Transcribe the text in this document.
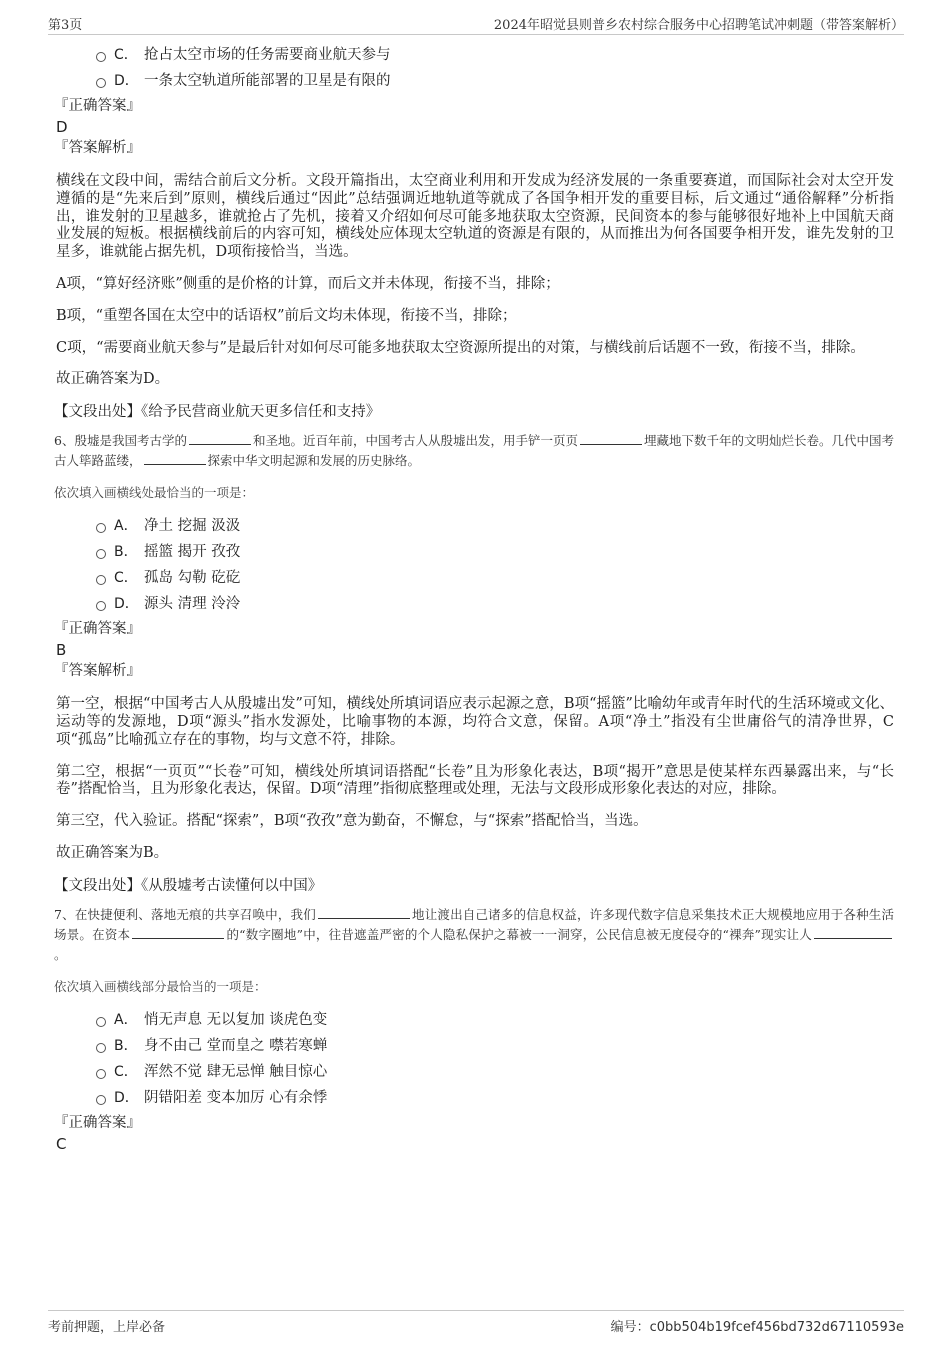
第3页	2024年昭觉县则普乡农村综合服务中心招聘笔试冲刺题（带答案解析）
C． 抢占太空市场的任务需要商业航天参与
D． 一条太空轨道所能部署的卫星是有限的
『正确答案』
D
『答案解析』
横线在文段中间，需结合前后文分析。文段开篇指出，太空商业利用和开发成为经济发展的一条重要赛道，而国际社会对太空开发遵循的是“先来后到”原则，横线后通过“因此”总结强调近地轨道等就成了各国争相开发的重要目标，后文通过“通俗解释”分析指出，谁发射的卫星越多，谁就抢占了先机，接着又介绍如何尽可能多地获取太空资源，民间资本的参与能够很好地补上中国航天商业发展的短板。根据横线前后的内容可知，横线处应体现太空轨道的资源是有限的，从而推出为何各国要争相开发，谁先发射的卫星多，谁就能占据先机，D项衔接恰当，当选。
A项，“算好经济账”侧重的是价格的计算，而后文并未体现，衔接不当，排除；
B项，“重塑各国在太空中的话语权”前后文均未体现，衔接不当，排除；
C项，“需要商业航天参与”是最后针对如何尽可能多地获取太空资源所提出的对策，与横线前后话题不一致，衔接不当，排除。
故正确答案为D。
【文段出处】《给予民营商业航天更多信任和支持》
6、殷墟是我国考古学的	和圣地。近百年前，中国考古人从殷墟出发，用手铲一页页	埋藏地下数千年的文明灿烂长卷。几代中国考古人筚路蓝缕，	探索中华文明起源和发展的历史脉络。
依次填入画横线处最恰当的一项是：
A． 净土 挖掘 汲汲
B． 摇篮 揭开 孜孜
C． 孤岛 勾勒 矻矻
D． 源头 清理 泠泠
『正确答案』
B
『答案解析』
第一空，根据“中国考古人从殷墟出发”可知，横线处所填词语应表示起源之意，B项“摇篮”比喻幼年或青年时代的生活环境或文化、运动等的发源地，D项“源头”指水发源处，比喻事物的本源，均符合文意，保留。A项“净土”指没有尘世庸俗气的清净世界，C项“孤岛”比喻孤立存在的事物，均与文意不符，排除。
第二空，根据“一页页”“长卷”可知，横线处所填词语搭配“长卷”且为形象化表达，B项“揭开”意思是使某样东西暴露出来，与“长卷”搭配恰当，且为形象化表达，保留。D项“清理”指彻底整理或处理，无法与文段形成形象化表达的对应，排除。
第三空，代入验证。搭配“探索”，B项“孜孜”意为勤奋，不懈怠，与“探索”搭配恰当，当选。
故正确答案为B。
【文段出处】《从殷墟考古读懂何以中国》
7、在快捷便利、落地无痕的共享召唤中，我们	地让渡出自己诸多的信息权益，许多现代数字信息采集技术正大规模地应用于各种生活场景。在资本	的“数字圈地”中，往昔遮盖严密的个人隐私保护之幕被一一洞穿，公民信息被无度侵夺的“裸奔”现实让人。
依次填入画横线部分最恰当的一项是：
A． 悄无声息 无以复加 谈虎色变
B． 身不由己 堂而皇之 噤若寒蝉
C． 浑然不觉 肆无忌惮 触目惊心
D． 阴错阳差 变本加厉 心有余悸
『正确答案』
C
考前押题，上岸必备	编号：c0bb504b19fcef456bd732d67110593e
